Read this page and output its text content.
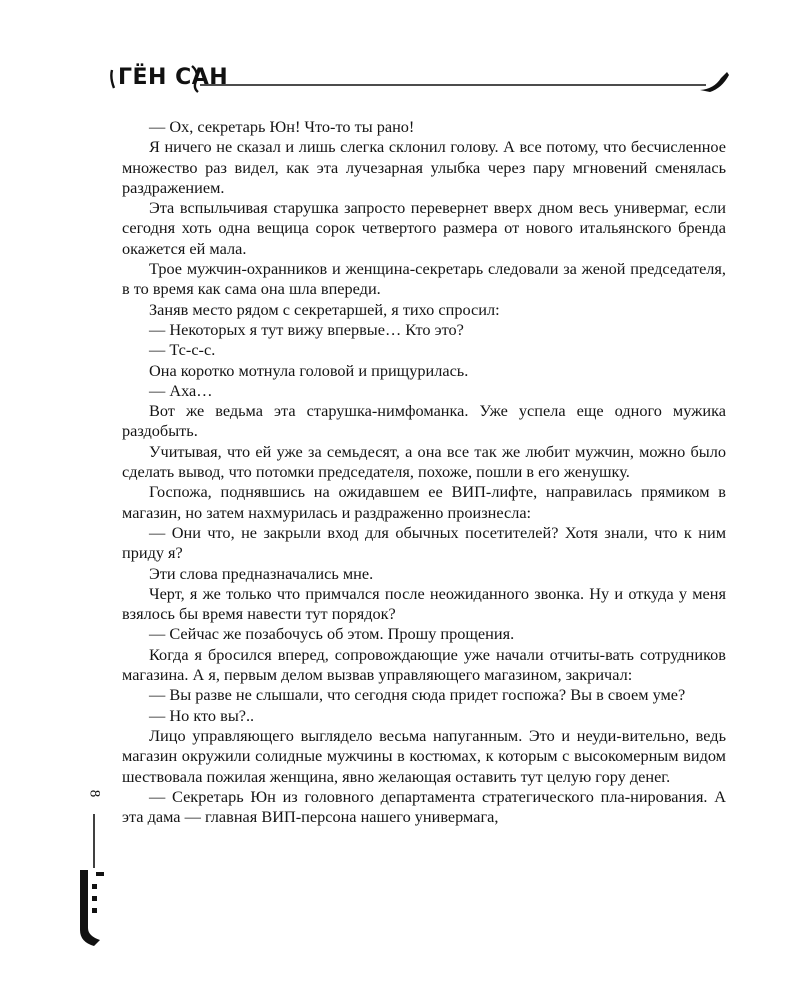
ГЁН САН

— Ох, секретарь Юн! Что-то ты рано!

Я ничего не сказал и лишь слегка склонил голову. А все потому, что бесчисленное множество раз видел, как эта лучезарная улыбка через пару мгновений сменялась раздражением.

Эта вспыльчивая старушка запросто перевернет вверх дном весь универмаг, если сегодня хоть одна вещица сорок четвертого размера от нового итальянского бренда окажется ей мала.

Трое мужчин-охранников и женщина-секретарь следовали за женой председателя, в то время как сама она шла впереди.

Заняв место рядом с секретаршей, я тихо спросил:

— Некоторых я тут вижу впервые… Кто это?

— Тс-с-с.

Она коротко мотнула головой и прищурилась.

— Аха…

Вот же ведьма эта старушка-нимфоманка. Уже успела еще одного мужика раздобыть.

Учитывая, что ей уже за семьдесят, а она все так же любит мужчин, можно было сделать вывод, что потомки председателя, похоже, пошли в его женушку.

Госпожа, поднявшись на ожидавшем ее ВИП-лифте, направилась прямиком в магазин, но затем нахмурилась и раздраженно произнесла:

— Они что, не закрыли вход для обычных посетителей? Хотя знали, что к ним приду я?

Эти слова предназначались мне.

Черт, я же только что примчался после неожиданного звонка. Ну и откуда у меня взялось бы время навести тут порядок?

— Сейчас же позабочусь об этом. Прошу прощения.

Когда я бросился вперед, сопровождающие уже начали отчиты-вать сотрудников магазина. А я, первым делом вызвав управляющего магазином, закричал:

— Вы разве не слышали, что сегодня сюда придет госпожа? Вы в своем уме?

— Но кто вы?..

Лицо управляющего выглядело весьма напуганным. Это и неуди-вительно, ведь магазин окружили солидные мужчины в костюмах, к которым с высокомерным видом шествовала пожилая женщина, явно желающая оставить тут целую гору денег.

— Секретарь Юн из головного департамента стратегического пла-нирования. А эта дама — главная ВИП-персона нашего универмага,

8
